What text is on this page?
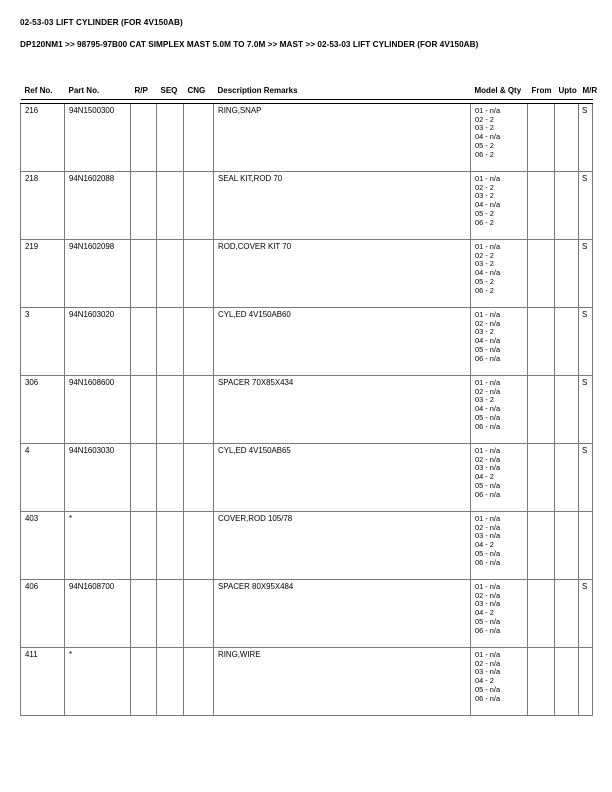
02-53-03 LIFT CYLINDER (FOR 4V150AB)
DP120NM1 >> 98795-97B00 CAT SIMPLEX MAST 5.0M TO 7.0M >> MAST >> 02-53-03 LIFT CYLINDER (FOR 4V150AB)
Ref No.	Part No.	R/P	SEQ	CNG	Description Remarks	Model & Qty	From	Upto	M/R

216	94N1500300				RING,SNAP	01 - n/a
02 - 2
03 - 2
04 - n/a
05 - 2
06 - 2
			S
218	94N1602088				SEAL KIT,ROD 70	01 - n/a
02 - 2
03 - 2
04 - n/a
05 - 2
06 - 2
			S
219	94N1602098				ROD,COVER KIT 70	01 - n/a
02 - 2
03 - 2
04 - n/a
05 - 2
06 - 2
			S
3	94N1603020				CYL,ED 4V150AB60	01 - n/a
02 - n/a
03 - 2
04 - n/a
05 - n/a
06 - n/a
			S
306	94N1608600				SPACER 70X85X434	01 - n/a
02 - n/a
03 - 2
04 - n/a
05 - n/a
06 - n/a
			S
4	94N1603030				CYL,ED 4V150AB65	01 - n/a
02 - n/a
03 - n/a
04 - 2
05 - n/a
06 - n/a
			S
403	*				COVER,ROD 105/78	01 - n/a
02 - n/a
03 - n/a
04 - 2
05 - n/a
06 - n/a

406	94N1608700				SPACER 80X95X484	01 - n/a
02 - n/a
03 - n/a
04 - 2
05 - n/a
06 - n/a
			S
411	*				RING,WIRE	01 - n/a
02 - n/a
03 - n/a
04 - 2
05 - n/a
06 - n/a
